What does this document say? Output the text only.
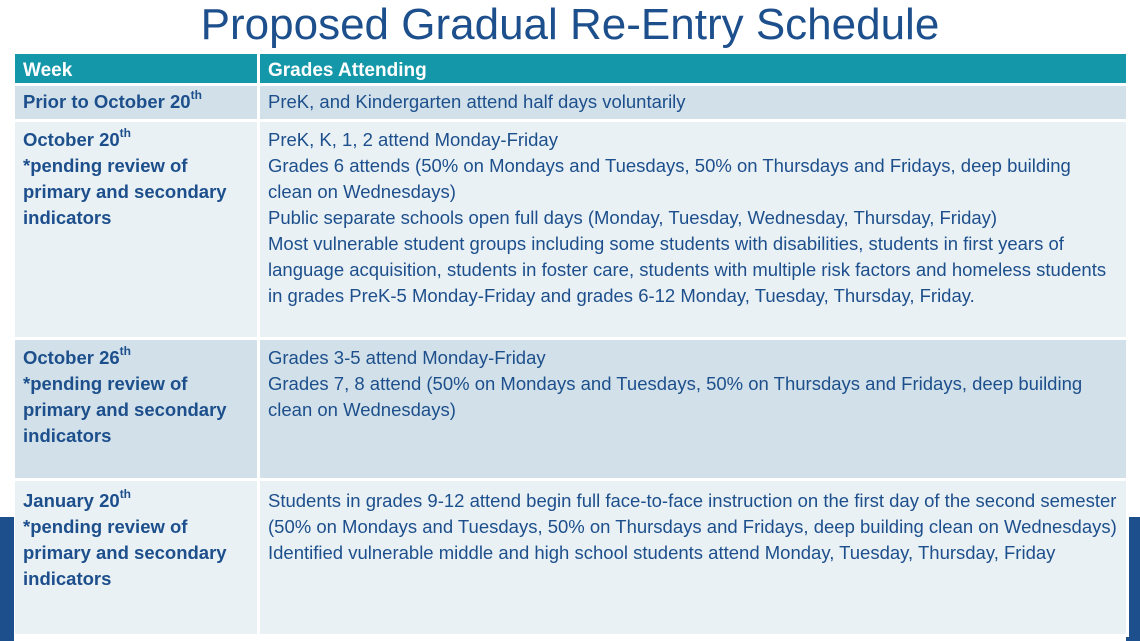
Proposed Gradual Re-Entry Schedule
Week	Grades Attending
Prior to October 20th	PreK, and Kindergarten attend half days voluntarily

October 20th
*pending review of primary and secondary indicators	PreK, K, 1, 2 attend Monday-Friday
Grades 6 attends (50% on Mondays and Tuesdays, 50% on Thursdays and Fridays, deep building clean on Wednesdays)
Public separate schools open full days (Monday, Tuesday, Wednesday, Thursday, Friday)
Most vulnerable student groups including some students with disabilities, students in first years of language acquisition, students in foster care, students with multiple risk factors and homeless students in grades PreK-5 Monday-Friday and grades 6-12 Monday, Tuesday, Thursday, Friday.

October 26th
*pending review of primary and secondary indicators	Grades 3-5 attend Monday-Friday
Grades 7, 8 attend (50% on Mondays and Tuesdays, 50% on Thursdays and Fridays, deep building clean on Wednesdays)

January 20th
*pending review of primary and secondary indicators	Students in grades 9-12 attend begin full face-to-face instruction on the first day of the second semester (50% on Mondays and Tuesdays, 50% on Thursdays and Fridays, deep building clean on Wednesdays)
Identified vulnerable middle and high school students attend Monday, Tuesday, Thursday, Friday
